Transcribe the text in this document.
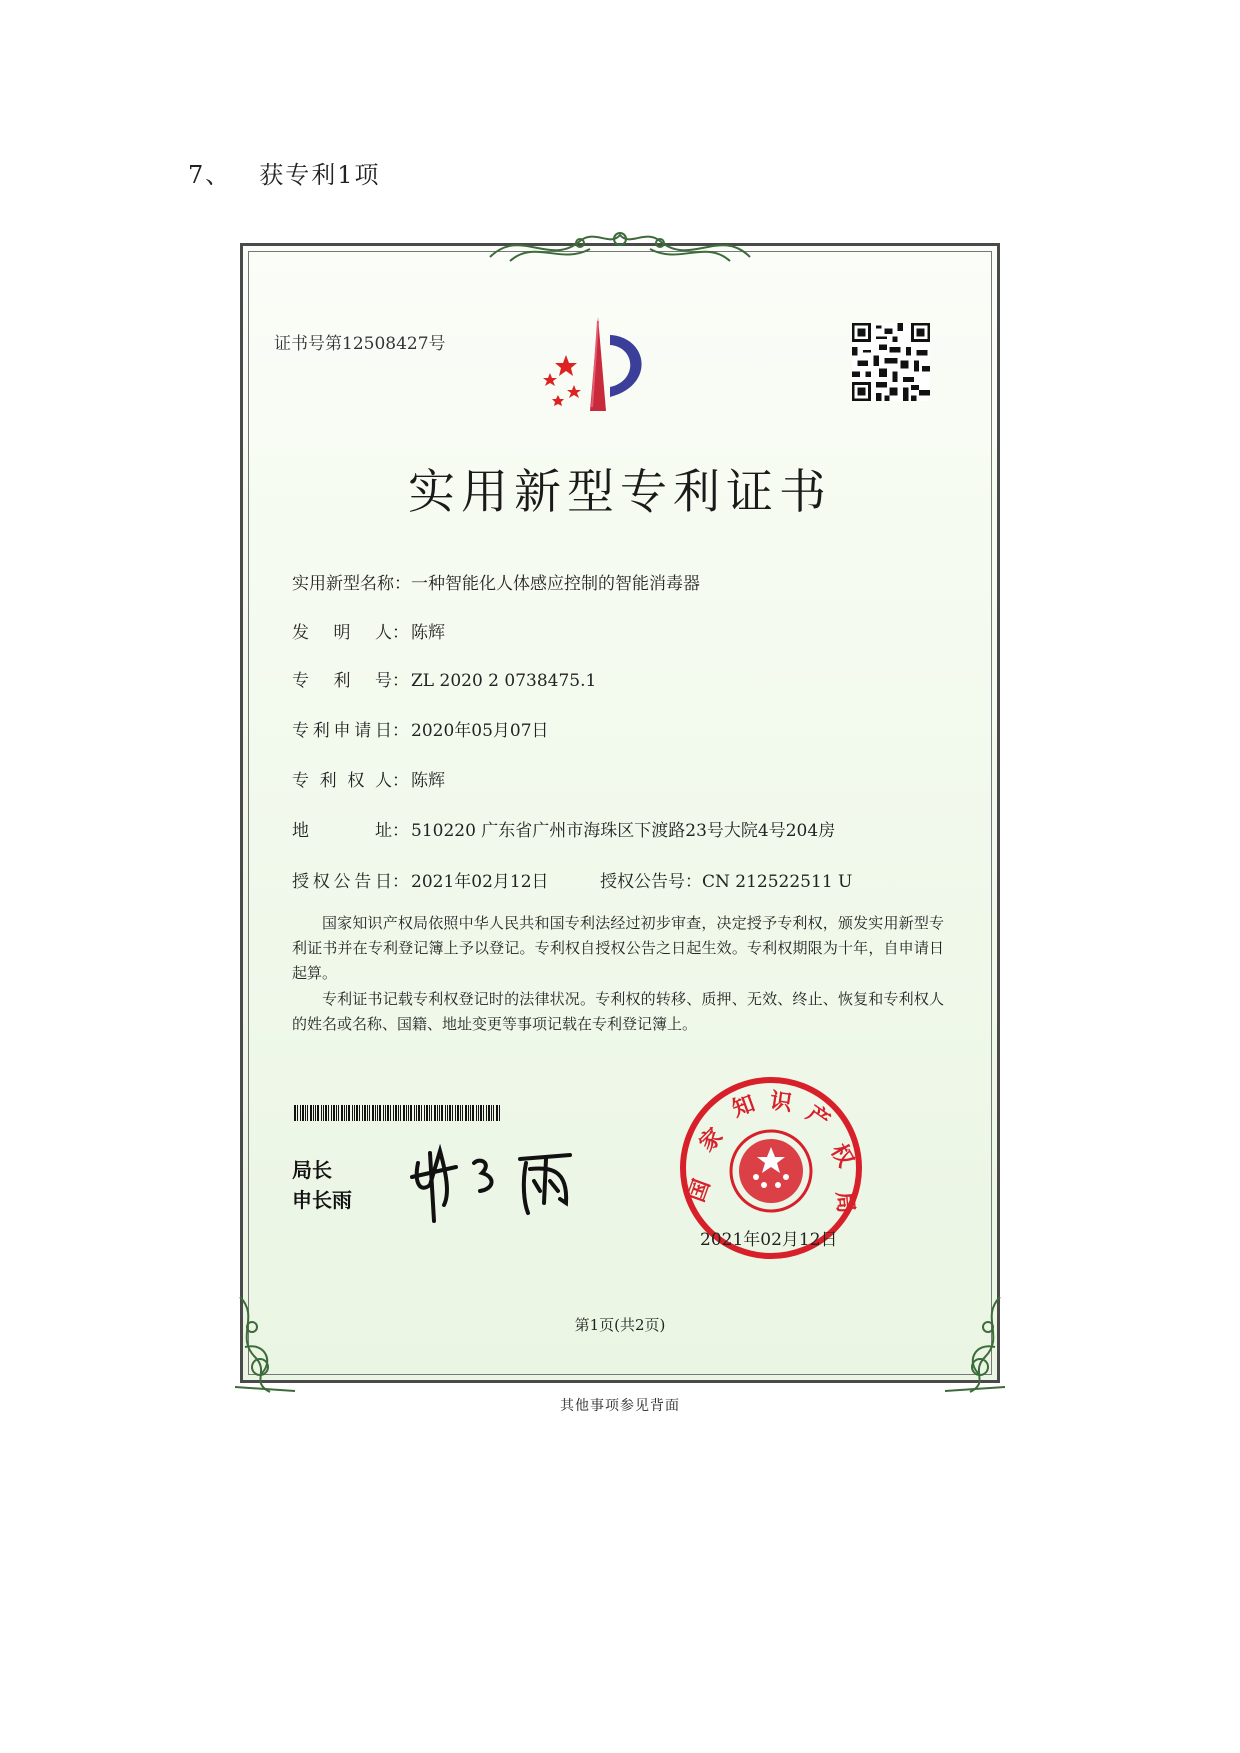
7、 获专利1项
证书号第12508427号
实用新型专利证书
实用新型名称：一种智能化人体感应控制的智能消毒器
发明人： 陈辉
专利号： ZL 2020 2 0738475.1
专利申请日： 2020年05月07日
专利权人： 陈辉
地址： 510220 广东省广州市海珠区下渡路23号大院4号204房
授权公告日： 2021年02月12日	授权公告号：CN 212522511 U
国家知识产权局依照中华人民共和国专利法经过初步审查，决定授予专利权，颁发实用新型专利证书并在专利登记簿上予以登记。专利权自授权公告之日起生效。专利权期限为十年，自申请日起算。
专利证书记载专利权登记时的法律状况。专利权的转移、质押、无效、终止、恢复和专利权人的姓名或名称、国籍、地址变更等事项记载在专利登记簿上。
局长
申长雨	国
家
知 识 产
权
局
2021年02月12日
第1页(共2页)
其他事项参见背面
